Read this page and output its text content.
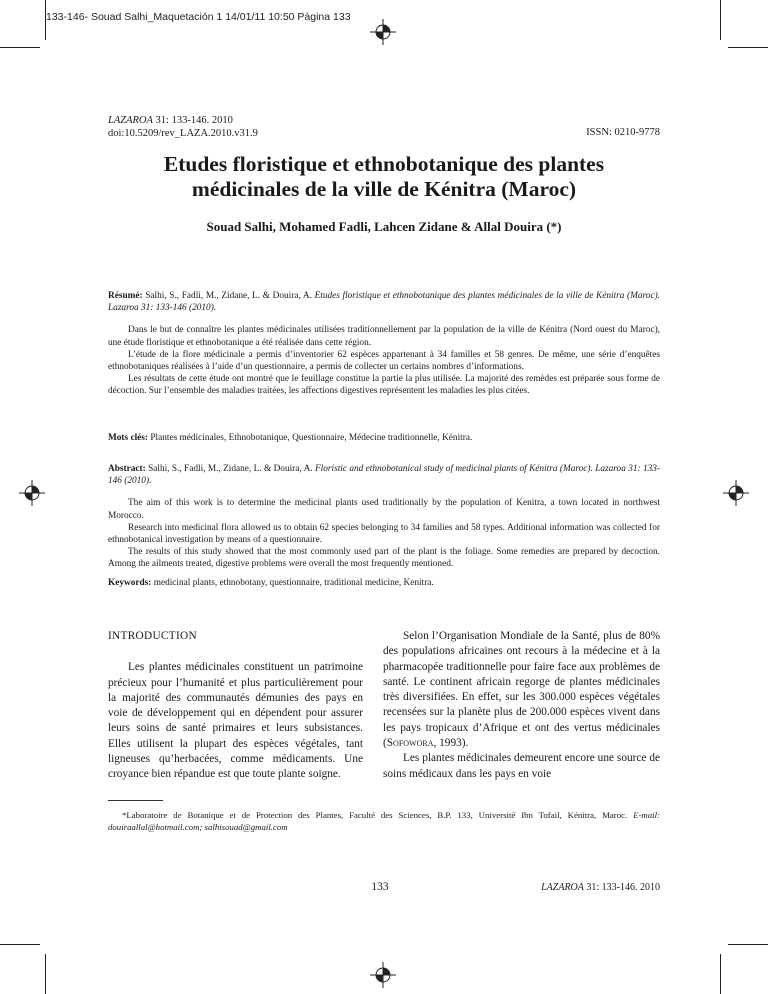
133-146- Souad Salhi_Maquetación 1 14/01/11 10:50 Página 133
LAZAROA 31: 133-146. 2010
doi:10.5209/rev_LAZA.2010.v31.9	ISSN: 0210-9778
Etudes floristique et ethnobotanique des plantes médicinales de la ville de Kénitra (Maroc)
Souad Salhi, Mohamed Fadli, Lahcen Zidane & Allal Douira (*)

Résumé: Salhi, S., Fadli, M., Zidane, L. & Douira, A. Etudes floristique et ethnobotanique des plantes médicinales de la ville de Kénitra (Maroc). Lazaroa 31: 133-146 (2010).

Dans le but de connaître les plantes médicinales utilisées traditionnellement par la population de la ville de Kénitra (Nord ouest du Maroc), une étude floristique et ethnobotanique a été réalisée dans cette région.

L’étude de la flore médicinale a permis d’inventorier 62 espèces appartenant à 34 familles et 58 genres. De même, une série d’enquêtes ethnobotaniques réalisées à l’aide d’un questionnaire, a permis de collecter un certains nombres d’informations.

Les résultats de cette étude ont montré que le feuillage constitue la partie la plus utilisée. La majorité des remèdes est préparée sous forme de décoction. Sur l’ensemble des maladies traitées, les affections digestives représentent les maladies les plus citées.

Mots clés: Plantes médicinales, Ethnobotanique, Questionnaire, Médecine traditionnelle, Kénitra.

Abstract: Salhi, S., Fadli, M., Zidane, L. & Douira, A. Floristic and ethnobotanical study of medicinal plants of Kénitra (Maroc). Lazaroa 31: 133-146 (2010).

The aim of this work is to determine the medicinal plants used traditionally by the population of Kenitra, a town located in northwest Morocco.

Research into medicinal flora allowed us to obtain 62 species belonging to 34 families and 58 types. Additional information was collected for ethnobotanical investigation by means of a questionnaire.

The results of this study showed that the most commonly used part of the plant is the foliage. Some remedies are prepared by decoction. Among the ailments treated, digestive problems were overall the most frequently mentioned.

Keywords: medicinal plants, ethnobotany, questionnaire, traditional medicine, Kenitra.

INTRODUCTION

Les plantes médicinales constituent un patrimoine précieux pour l’humanité et plus particulièrement pour la majorité des communautés démunies des pays en voie de développement qui en dépendent pour assurer leurs soins de santé primaires et leurs subsistances. Elles utilisent la plupart des espèces végétales, tant ligneuses qu’herbacées, comme médicaments. Une croyance bien répandue est que toute plante soigne.

Selon l’Organisation Mondiale de la Santé, plus de 80% des populations africaines ont recours à la médecine et à la pharmacopée traditionnelle pour faire face aux problèmes de santé. Le continent africain regorge de plantes médicinales très diversifiées. En effet, sur les 300.000 espèces végétales recensées sur la planète plus de 200.000 espèces vivent dans les pays tropicaux d’Afrique et ont des vertus médicinales (Sofowora, 1993).

Les plantes médicinales demeurent encore une source de soins médicaux dans les pays en voie

*Laboratoire de Botanique et de Protection des Plantes, Faculté des Sciences, B.P. 133, Université Ibn Tofail, Kénitra, Maroc. E-mail: douiraallal@hotmail.com; salhisouad@gmail.com
133	LAZAROA 31: 133-146. 2010
